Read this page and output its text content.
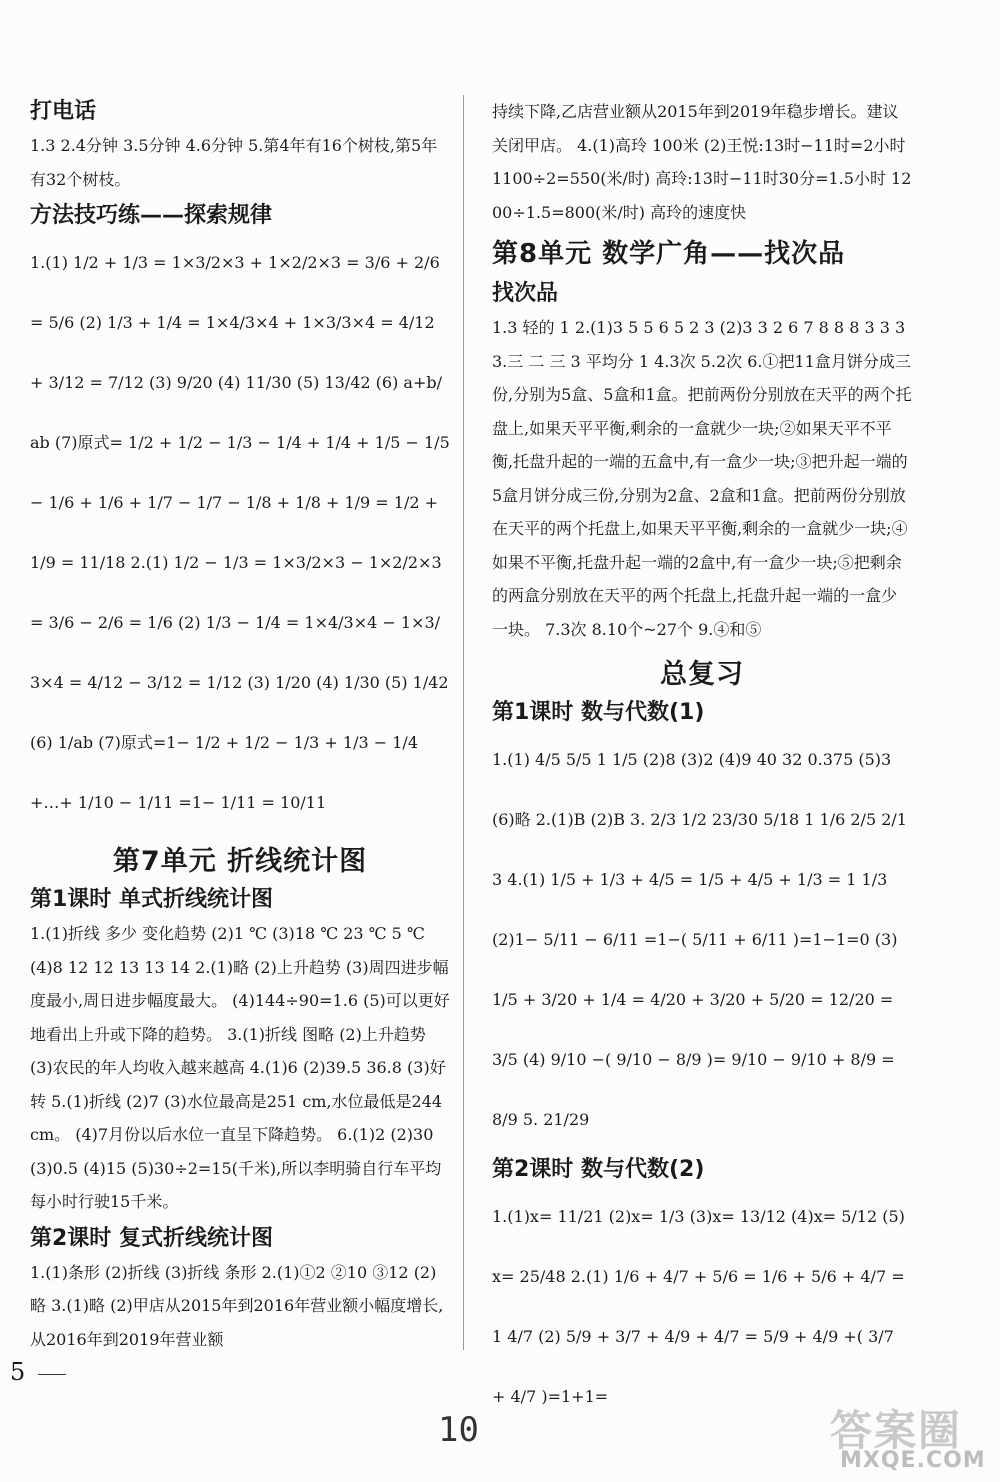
打电话

1.3 2.4分钟 3.5分钟 4.6分钟 5.第4年有16个树枝,第5年有32个树枝。

方法技巧练——探索规律

1.(1) 1/2 + 1/3 = 1×3/2×3 + 1×2/2×3 = 3/6 + 2/6 = 5/6 (2) 1/3 + 1/4 = 1×4/3×4 + 1×3/3×4 = 4/12 + 3/12 = 7/12 (3) 9/20 (4) 11/30 (5) 13/42 (6) a+b/ab (7)原式= 1/2 + 1/2 − 1/3 − 1/4 + 1/4 + 1/5 − 1/5 − 1/6 + 1/6 + 1/7 − 1/7 − 1/8 + 1/8 + 1/9 = 1/2 + 1/9 = 11/18 2.(1) 1/2 − 1/3 = 1×3/2×3 − 1×2/2×3 = 3/6 − 2/6 = 1/6 (2) 1/3 − 1/4 = 1×4/3×4 − 1×3/3×4 = 4/12 − 3/12 = 1/12 (3) 1/20 (4) 1/30 (5) 1/42 (6) 1/ab (7)原式=1− 1/2 + 1/2 − 1/3 + 1/3 − 1/4 +…+ 1/10 − 1/11 =1− 1/11 = 10/11

第7单元 折线统计图
第1课时 单式折线统计图

1.(1)折线 多少 变化趋势 (2)1 ℃ (3)18 ℃ 23 ℃ 5 ℃ (4)8 12 12 13 13 14 2.(1)略 (2)上升趋势 (3)周四进步幅度最小,周日进步幅度最大。 (4)144÷90=1.6 (5)可以更好地看出上升或下降的趋势。 3.(1)折线 图略 (2)上升趋势 (3)农民的年人均收入越来越高 4.(1)6 (2)39.5 36.8 (3)好转 5.(1)折线 (2)7 (3)水位最高是251 cm,水位最低是244 cm。 (4)7月份以后水位一直呈下降趋势。 6.(1)2 (2)30 (3)0.5 (4)15 (5)30÷2=15(千米),所以李明骑自行车平均每小时行驶15千米。

第2课时 复式折线统计图

1.(1)条形 (2)折线 (3)折线 条形 2.(1)①2 ②10 ③12 (2)略 3.(1)略 (2)甲店从2015年到2016年营业额小幅度增长,从2016年到2019年营业额

持续下降,乙店营业额从2015年到2019年稳步增长。建议关闭甲店。 4.(1)高玲 100米 (2)王悦:13时−11时=2小时 1100÷2=550(米/时) 高玲:13时−11时30分=1.5小时 1200÷1.5=800(米/时) 高玲的速度快

第8单元 数学广角——找次品
找次品

1.3 轻的 1 2.(1)3 5 5 6 5 2 3 (2)3 3 2 6 7 8 8 8 3 3 3 3.三 二 三 3 平均分 1 4.3次 5.2次 6.①把11盒月饼分成三份,分别为5盒、5盒和1盒。把前两份分别放在天平的两个托盘上,如果天平平衡,剩余的一盒就少一块;②如果天平不平衡,托盘升起的一端的五盒中,有一盒少一块;③把升起一端的5盒月饼分成三份,分别为2盒、2盒和1盒。把前两份分别放在天平的两个托盘上,如果天平平衡,剩余的一盒就少一块;④如果不平衡,托盘升起一端的2盒中,有一盒少一块;⑤把剩余的两盒分别放在天平的两个托盘上,托盘升起一端的一盒少一块。 7.3次 8.10个~27个 9.④和⑤

总复习
第1课时 数与代数(1)

1.(1) 4/5 5/5 1 1/5 (2)8 (3)2 (4)9 40 32 0.375 (5)3 (6)略 2.(1)B (2)B 3. 2/3 1/2 23/30 5/18 1 1/6 2/5 2/13 4.(1) 1/5 + 1/3 + 4/5 = 1/5 + 4/5 + 1/3 = 1 1/3 (2)1− 5/11 − 6/11 =1−( 5/11 + 6/11 )=1−1=0 (3) 1/5 + 3/20 + 1/4 = 4/20 + 3/20 + 5/20 = 12/20 = 3/5 (4) 9/10 −( 9/10 − 8/9 )= 9/10 − 9/10 + 8/9 = 8/9 5. 21/29

第2课时 数与代数(2)

1.(1)x= 11/21 (2)x= 1/3 (3)x= 13/12 (4)x= 5/12 (5)x= 25/48 2.(1) 1/6 + 4/7 + 5/6 = 1/6 + 5/6 + 4/7 =1 4/7 (2) 5/9 + 3/7 + 4/9 + 4/7 = 5/9 + 4/9 +( 3/7 + 4/7 )=1+1=

5
10	答案圈
MXQE.COM
